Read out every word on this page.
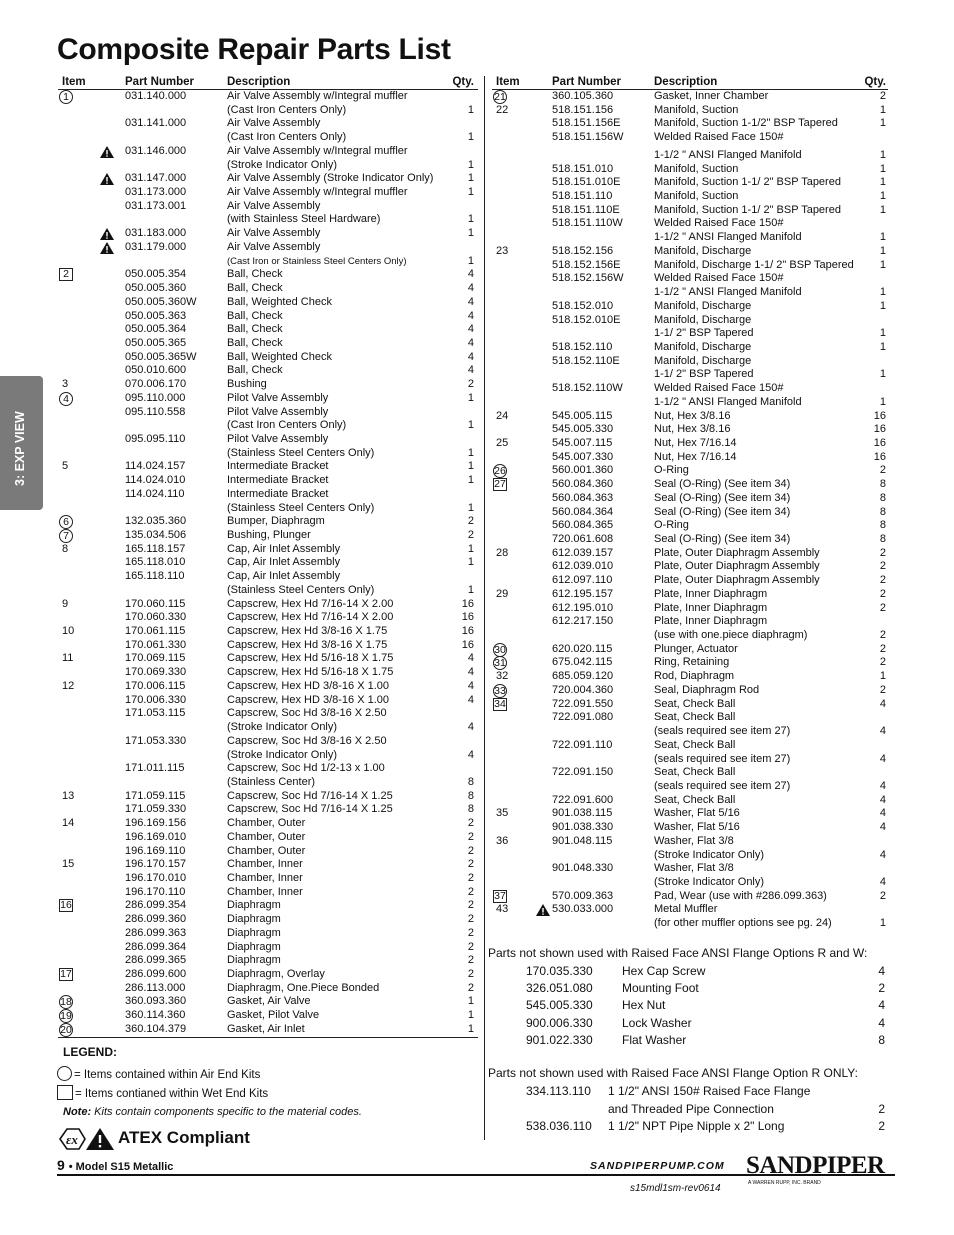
Composite Repair Parts List
3: EXP VIEW
Item	Part Number	Description	Qty.
1	031.140.000	Air Valve Assembly w/Integral muffler
(Cast Iron Centers Only)	1
031.141.000	Air Valve Assembly
(Cast Iron Centers Only)	1
031.146.000	Air Valve Assembly w/Integral muffler
(Stroke Indicator Only)	1
031.147.000	Air Valve Assembly (Stroke Indicator Only)	1
031.173.000	Air Valve Assembly w/Integral muffler	1
031.173.001	Air Valve Assembly
(with Stainless Steel Hardware)	1
031.183.000	Air Valve Assembly	1
031.179.000	Air Valve Assembly
(Cast Iron or Stainless Steel Centers Only)	1
2	050.005.354	Ball, Check	4
050.005.360	Ball, Check	4
050.005.360W	Ball, Weighted Check	4
050.005.363	Ball, Check	4
050.005.364	Ball, Check	4
050.005.365	Ball, Check	4
050.005.365W	Ball, Weighted Check	4
050.010.600	Ball, Check	4
3	070.006.170	Bushing	2
4	095.110.000	Pilot Valve Assembly	1
095.110.558	Pilot Valve Assembly
(Cast Iron Centers Only)	1
095.095.110	Pilot Valve Assembly
(Stainless Steel Centers Only)	1
5	114.024.157	Intermediate Bracket	1
114.024.010	Intermediate Bracket	1
114.024.110	Intermediate Bracket
(Stainless Steel Centers Only)	1
6	132.035.360	Bumper, Diaphragm	2
7	135.034.506	Bushing, Plunger	2
8	165.118.157	Cap, Air Inlet Assembly	1
165.118.010	Cap, Air Inlet Assembly	1
165.118.110	Cap, Air Inlet Assembly
(Stainless Steel Centers Only)	1
9	170.060.115	Capscrew, Hex Hd 7/16-14 X 2.00	16
170.060.330	Capscrew, Hex Hd 7/16-14 X 2.00	16
10	170.061.115	Capscrew, Hex Hd 3/8-16 X 1.75	16
170.061.330	Capscrew, Hex Hd 3/8-16 X 1.75	16
11	170.069.115	Capscrew, Hex Hd 5/16-18 X 1.75	4
170.069.330	Capscrew, Hex Hd 5/16-18 X 1.75	4
12	170.006.115	Capscrew, Hex HD 3/8-16 X 1.00	4
170.006.330	Capscrew, Hex HD 3/8-16 X 1.00	4
171.053.115	Capscrew, Soc Hd 3/8-16 X 2.50
(Stroke Indicator Only)	4
171.053.330	Capscrew, Soc Hd 3/8-16 X 2.50
(Stroke Indicator Only)	4
171.011.115	Capscrew, Soc Hd 1/2-13 x 1.00
(Stainless Center)	8
13	171.059.115	Capscrew, Soc Hd 7/16-14 X 1.25	8
171.059.330	Capscrew, Soc Hd 7/16-14 X 1.25	8
14	196.169.156	Chamber, Outer	2
196.169.010	Chamber, Outer	2
196.169.110	Chamber, Outer	2
15	196.170.157	Chamber, Inner	2
196.170.010	Chamber, Inner	2
196.170.110	Chamber, Inner	2
16	286.099.354	Diaphragm	2
286.099.360	Diaphragm	2
286.099.363	Diaphragm	2
286.099.364	Diaphragm	2
286.099.365	Diaphragm	2
17	286.099.600	Diaphragm, Overlay	2
286.113.000	Diaphragm, One.Piece Bonded	2
18	360.093.360	Gasket, Air Valve	1
19	360.114.360	Gasket, Pilot Valve	1
20	360.104.379	Gasket, Air Inlet	1
Item	Part Number	Description	Qty.
21	360.105.360	Gasket, Inner Chamber	2
22	518.151.156	Manifold, Suction	1
518.151.156E	Manifold, Suction 1-1/2" BSP Tapered	1
518.151.156W	Welded Raised Face 150#
1-1/2 " ANSI Flanged Manifold	1
518.151.010	Manifold, Suction	1
518.151.010E	Manifold, Suction 1-1/ 2" BSP Tapered	1
518.151.110	Manifold, Suction	1
518.151.110E	Manifold, Suction 1-1/ 2" BSP Tapered	1
518.151.110W	Welded Raised Face 150#
1-1/2 " ANSI Flanged Manifold	1
23	518.152.156	Manifold, Discharge	1
518.152.156E	Manifold, Discharge 1-1/ 2" BSP Tapered 1
518.152.156W	Welded Raised Face 150#
1-1/2 " ANSI Flanged Manifold	1
518.152.010	Manifold, Discharge	1
518.152.010E	Manifold, Discharge
1-1/ 2" BSP Tapered	1
518.152.110	Manifold, Discharge	1
518.152.110E	Manifold, Discharge
1-1/ 2" BSP Tapered	1
518.152.110W	Welded Raised Face 150#
1-1/2 " ANSI Flanged Manifold	1
24	545.005.115	Nut, Hex 3/8.16	16
545.005.330	Nut, Hex 3/8.16	16
25	545.007.115	Nut, Hex 7/16.14	16
545.007.330	Nut, Hex 7/16.14	16
26	560.001.360	O-Ring	2
27	560.084.360	Seal (O-Ring) (See item 34)	8
560.084.363	Seal (O-Ring) (See item 34)	8
560.084.364	Seal (O-Ring) (See item 34)	8
560.084.365	O-Ring	8
720.061.608	Seal (O-Ring) (See item 34)	8
28	612.039.157	Plate, Outer Diaphragm Assembly	2
612.039.010	Plate, Outer Diaphragm Assembly	2
612.097.110	Plate, Outer Diaphragm Assembly	2
29	612.195.157	Plate, Inner Diaphragm	2
612.195.010	Plate, Inner Diaphragm	2
612.217.150	Plate, Inner Diaphragm
(use with one.piece diaphragm)	2
30	620.020.115	Plunger, Actuator	2
31	675.042.115	Ring, Retaining	2
32	685.059.120	Rod, Diaphragm	1
33	720.004.360	Seal, Diaphragm Rod	2
34	722.091.550	Seat, Check Ball	4
722.091.080	Seat, Check Ball
(seals required see item 27)	4
722.091.110	Seat, Check Ball
(seals required see item 27)	4
722.091.150	Seat, Check Ball
(seals required see item 27)	4
722.091.600	Seat, Check Ball	4
35	901.038.115	Washer, Flat 5/16	4
901.038.330	Washer, Flat 5/16	4
36	901.048.115	Washer, Flat 3/8
(Stroke Indicator Only)	4
901.048.330	Washer, Flat 3/8
(Stroke Indicator Only)	4
37	570.009.363	Pad, Wear (use with #286.099.363)	2
43	530.033.000	Metal Muffler
(for other muffler options see pg. 24)	1
LEGEND:
= Items contained within Air End Kits
= Items contianed within Wet End Kits
Note: Kits contain components specific to the material codes.
εx ATEX Compliant
Parts not shown used with Raised Face ANSI Flange Options R and W:
170.035.330 Hex Cap Screw	4
326.051.080 Mounting Foot	2
545.005.330 Hex Nut	4
900.006.330 Lock Washer	4
901.022.330 Flat Washer	8
Parts not shown used with Raised Face ANSI Flange Option R ONLY:
334.113.110 1 1/2" ANSI 150# Raised Face Flange
and Threaded Pipe Connection	2
538.036.110 1 1/2" NPT Pipe Nipple x 2" Long	2
9 • Model S15 Metallic	SANDPIPERPUMP.COM
s15mdl1sm-rev0614
SANDPIPER
A WARREN RUPP, INC. BRAND
